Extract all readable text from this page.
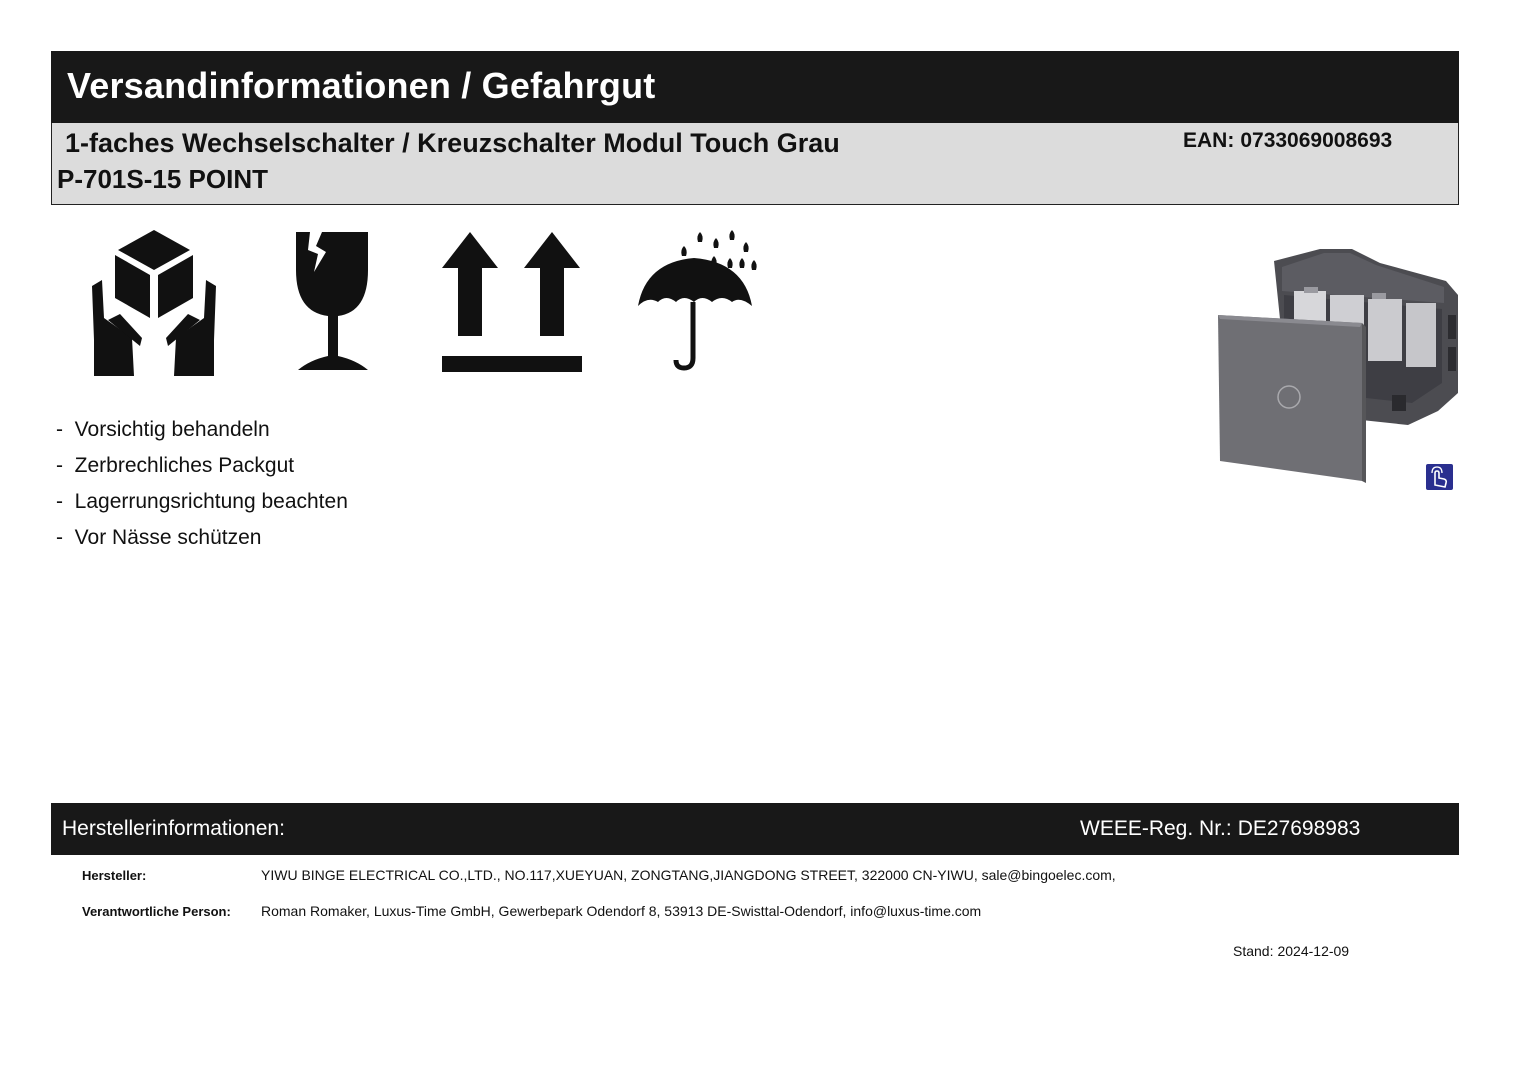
Versandinformationen / Gefahrgut
1-faches Wechselschalter / Kreuzschalter Modul Touch Grau	EAN: 0733069008693
P-701S-15 POINT
- Vorsichtig behandeln
- Zerbrechliches Packgut
- Lagerrungsrichtung beachten
- Vor Nässe schützen
Herstellerinformationen:	WEEE-Reg. Nr.: DE27698983
Hersteller:	YIWU BINGE ELECTRICAL CO.,LTD., NO.117,XUEYUAN, ZONGTANG,JIANGDONG STREET, 322000 CN-YIWU, sale@bingoelec.com,
Verantwortliche Person: Roman Romaker, Luxus-Time GmbH, Gewerbepark Odendorf 8, 53913 DE-Swisttal-Odendorf, info@luxus-time.com
Stand: 2024-12-09
